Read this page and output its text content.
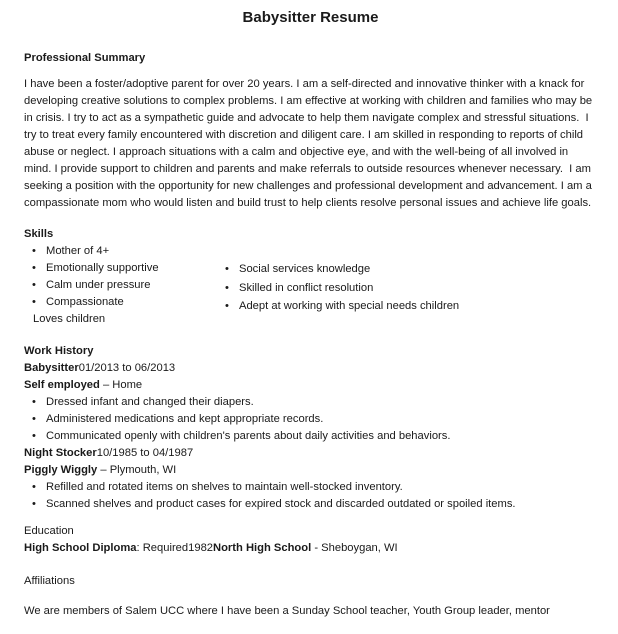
Babysitter Resume
Professional Summary

I have been a foster/adoptive parent for over 20 years. I am a self-directed and innovative thinker with a knack for developing creative solutions to complex problems. I am effective at working with children and families who may be in crisis. I try to act as a sympathetic guide and advocate to help them navigate complex and stressful situations.  I try to treat every family encountered with discretion and diligent care. I am skilled in responding to reports of child abuse or neglect. I approach situations with a calm and objective eye, and with the well-being of all involved in mind. I provide support to children and parents and make referrals to outside resources whenever necessary.  I am seeking a position with the opportunity for new challenges and professional development and advancement. I am a compassionate mom who would listen and build trust to help clients resolve personal issues and achieve life goals.

Skills
• Mother of 4+
• Emotionally supportive
• Calm under pressure
• Compassionate
Loves children
• Social services knowledge
• Skilled in conflict resolution
• Adept at working with special needs children
Work History

Babysitter01/2013 to 06/2013

Self employed – Home

• Dressed infant and changed their diapers.
• Administered medications and kept appropriate records.
• Communicated openly with children's parents about daily activities and behaviors.

Night Stocker10/1985 to 04/1987

Piggly Wiggly – Plymouth, WI

• Refilled and rotated items on shelves to maintain well-stocked inventory.
• Scanned shelves and product cases for expired stock and discarded outdated or spoiled items.

Education

High School Diploma: Required1982North High School - Sheboygan, WI

Affiliations

We are members of Salem UCC where I have been a Sunday School teacher, Youth Group leader, mentor
